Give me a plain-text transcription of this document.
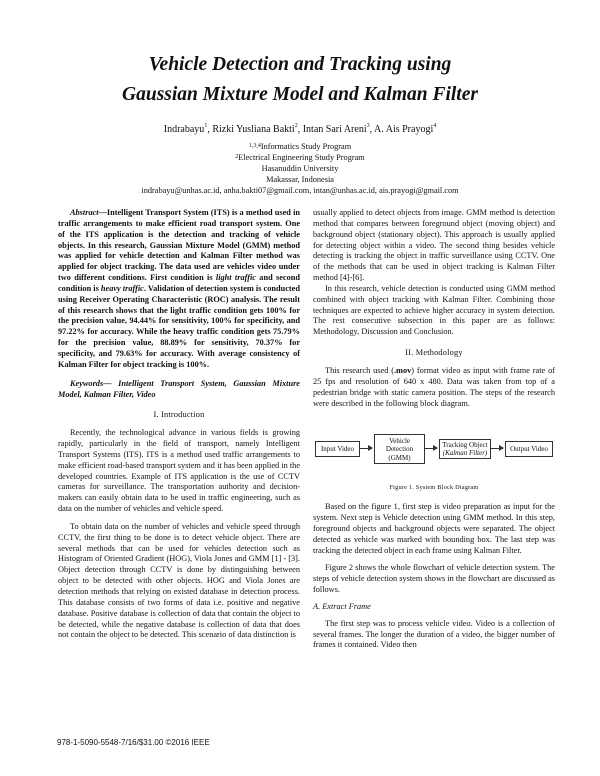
Vehicle Detection and Tracking using
Gaussian Mixture Model and Kalman Filter
Indrabayu$^1$, Rizki Yusliana Bakti$^2$, Intan Sari Areni$^3$, A. Ais Prayogi$^4$
$^{1,3,4}$Informatics Study Program
$^2$Electrical Engineering Study Program
Hasanuddin University
Makassar, Indonesia
indrabayu@unhas.ac.id, anha.bakti07@gmail.com, intan@unhas.ac.id, ais.prayogi@gmail.com

Abstract—Intelligent Transport System (ITS) is a method used in traffic arrangements to make efficient road transport system. One of the ITS application is the detection and tracking of vehicle objects. In this research, Gaussian Mixture Model (GMM) method was applied for vehicle detection and Kalman Filter method was applied for object tracking. The data used are vehicles video under two different conditions. First condition is light traffic and second condition is heavy traffic. Validation of detection system is conducted using Receiver Operating Characteristic (ROC) analysis. The result of this research shows that the light traffic condition gets 100% for the precision value, 94.44% for sensitivity, 100% for specificity, and 97.22% for accuracy. While the heavy traffic condition gets 75.79% for the precision value, 88.89% for sensitivity, 70.37% for specificity, and 79.63% for accuracy. With average consistency of Kalman Filter for object tracking is 100%.

Keywords— Intelligent Transport System, Gaussian Mixture Model, Kalman Filter, Video

I. Introduction

Recently, the technological advance in various fields is growing rapidly, particularly in the field of transport, namely Intelligent Transport Systems (ITS). ITS is a method used traffic arrangements to make efficient road-based transport system and it has been applied in the developed countries. Example of ITS application is the use of CCTV cameras for surveillance. The transportation authority and decision-makers can easily obtain data to be used in traffic engineering, such as data on the number of vehicles and vehicle speed.

To obtain data on the number of vehicles and vehicle speed through CCTV, the first thing to be done is to detect vehicle object. There are several methods that can be used for vehicles detection such as Histogram of Oriented Gradient (HOG), Viola Jones and GMM [1] - [3]. Object detection through CCTV is done by distinguishing between object to be detected with other objects. HOG and Viola Jones are detection methods that relying on existed database in detection process. This database consists of two forms of data i.e. positive and negative database. Positive database is collection of data that contain the object to be detected, while the negative database is collection of data that does not contain the object to be detected. This scenario of data distinction is

usually applied to detect objects from image. GMM method is detection method that compares between foreground object (moving object) and background object (stationary object). This approach is usually applied for detecting object within a video. The second thing besides vehicle detecting is tracking the object in traffic surveillance using CCTV. One of the methods that can be used in object tracking is Kalman Filter method [4]-[6].

In this research, vehicle detection is conducted using GMM method combined with object tracking with Kalman Filter. Combining those techniques are expected to achieve higher accuracy in system detection. The rest consecutive subsection in this paper are as follows: Methodology, Discussion and Conclusion.

II. Methodology

This research used (.mov) format video as input with frame rate of 25 fps and resolution of 640 x 480. Data was taken from top of a pedestrian bridge with static camera position. The steps of the research were described in the following block diagram.

Input Video
Vehicle
Detection
(GMM)
Tracking Object
(Kalman Filter)
Output Video
Figure 1. System Block Diagram

Based on the figure 1, first step is video preparation as input for the system. Next step is Vehicle detection using GMM method. In this step, foreground objects and background objects were separated. The object detected as vehicle was marked with bounding box. The last step was tracking the detected object in each frame using Kalman Filter.

Figure 2 shows the whole flowchart of vehicle detection system. The steps of vehicle detection system shows in the flowchart are discussed as follows.

A. Extract Frame

The first step was to process vehicle video. Video is a collection of several frames. The longer the duration of a video, the bigger number of frames it contained. Video then

978-1-5090-5548-7/16/$31.00 ©2016 IEEE
